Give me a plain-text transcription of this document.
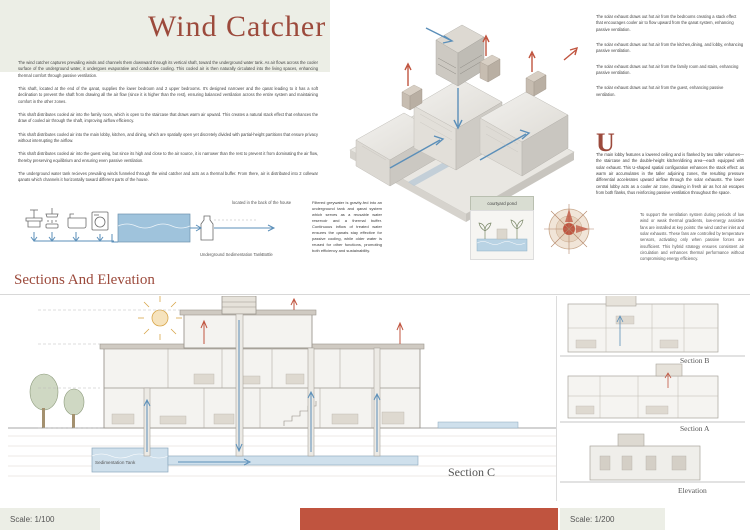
Wind Catcher
The wind catcher captures prevailing winds and channels them downward through its vertical shaft, toward the underground water tank. As air flows across the cooler surface of the underground water, it undergoes evaporative and conductive cooling. This cooled air is then naturally circulated into the living spaces, enhancing thermal comfort through passive ventilation.
This shaft, located at the end of the qanat, supplies the lower bedroom and 2 upper bedrooms. It's designed narrower and the qanat leading to it has a soft declination to prevent the shaft from drawing all the air flow (since it is higher than the rest), ensuring balanced ventilation across the entire system and maintaining comfort in the other zones.
This shaft distributes cooled air into the family room, which is open to the staircase that draws warm air upward. This creates a natural stack effect that enhances the draw of cooled air through the shaft, improving airflow efficiency.
This shaft distributes cooled air into the main lobby, kitchen, and dining, which are spatially open yet discretely divided with partial-height partitions that ensure privacy without interrupting the airflow.
This shaft distributes cooled air into the guest wing, but since its high and close to the air source, it is narrower than the rest to prevent it from dominating the air flow, thereby preserving equilibrium and ensuring even passive ventilation.
The underground water tank recieves prevailing winds funneled through the wind catcher and acts as a thermal buffer. From there, air is distributed into 2 collewar qanats which channels it horizontally toward different parts of the house.
The solar exhaust draws out hot air from the bedrooms creating a stack effect that encourages cooler air to flow upward from the qanat system, enhancing passive ventilation.
The solar exhaust draws out hot air from the kitchen,dining, and lobby, enhancing passive ventilation.
The solar exhaust draws out hot air from the family room and stairs, enhancing passive ventilation.
The solar exhaust draws out hot air from the guest, enhancing passive ventilation.
U
The main lobby features a lowered ceiling and is flanked by two taller volumes—the staircase and the double-height kitchen/dining area—each equipped with solar exhaust. This U-shaped spatial configuration enhances the stack effect: as warm air accumulates in the taller adjoining zones, the resulting pressure differential accelerates upward airflow through the solar exhausts. The lower central lobby acts as a cooler air zone, drawing in fresh air as hot air escapes from both flanks, thus reinforcing passive ventilation throughout the space.
To support the ventilation system during periods of low wind or weak thermal gradients, low-energy assistive fans are installed at key points: the wind catcher inlet and solar exhausts. These fans are controlled by temperature sensors, activating only when passive forces are insufficient. This hybrid strategy ensures consistent air circulation and enhances thermal performance without compromising energy efficiency.
located in the back of the house
Underground Sedimentation Tank Bottle
Filtered greywater is gravity-fed into an underground tank and qanat system which serves as a reusable water reservoir and a thermal buffer. Continuous inflow of treated water ensures the qanats stay effective for passive cooling, while older water is reused for other functions, promoting both efficiency and sustainability.
courtyard pond
Sections And Elevation
Sedimentation Tank
Section C
Section B
Section A
Elevation
Scale: 1/100	Scale: 1/200
